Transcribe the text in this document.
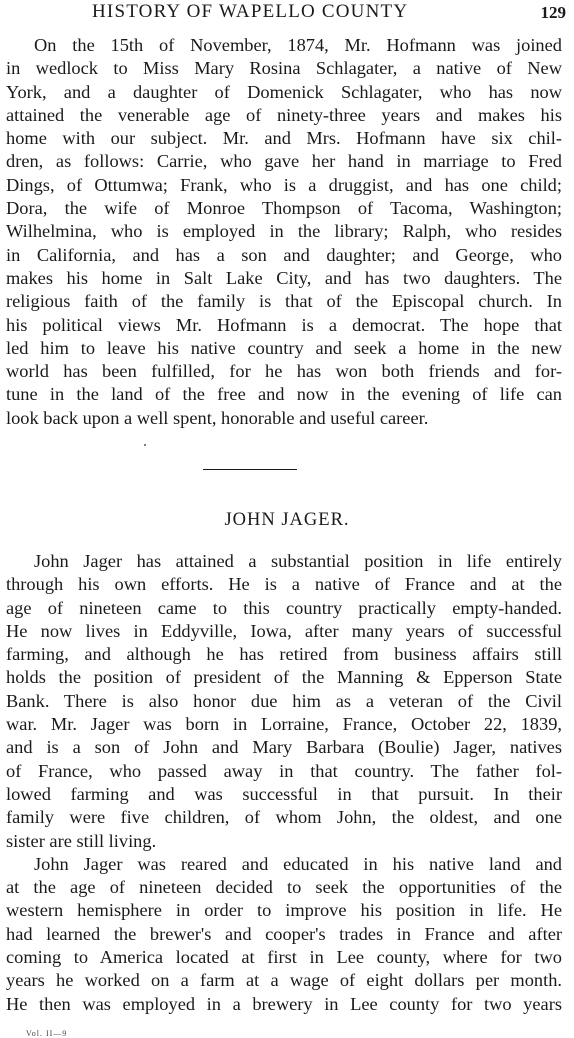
HISTORY OF WAPELLO COUNTY	129
On the 15th of November, 1874, Mr. Hofmann was joined
in wedlock to Miss Mary Rosina Schlagater, a native of New
York, and a daughter of Domenick Schlagater, who has now
attained the venerable age of ninety-three years and makes his
home with our subject. Mr. and Mrs. Hofmann have six chil-
dren, as follows: Carrie, who gave her hand in marriage to Fred
Dings, of Ottumwa; Frank, who is a druggist, and has one child;
Dora, the wife of Monroe Thompson of Tacoma, Washington;
Wilhelmina, who is employed in the library; Ralph, who resides
in California, and has a son and daughter; and George, who
makes his home in Salt Lake City, and has two daughters. The
religious faith of the family is that of the Episcopal church. In
his political views Mr. Hofmann is a democrat. The hope that
led him to leave his native country and seek a home in the new
world has been fulfilled, for he has won both friends and for-
tune in the land of the free and now in the evening of life can
look back upon a well spent, honorable and useful career.
JOHN JAGER.
John Jager has attained a substantial position in life entirely
through his own efforts. He is a native of France and at the
age of nineteen came to this country practically empty-handed.
He now lives in Eddyville, Iowa, after many years of successful
farming, and although he has retired from business affairs still
holds the position of president of the Manning & Epperson State
Bank. There is also honor due him as a veteran of the Civil
war. Mr. Jager was born in Lorraine, France, October 22, 1839,
and is a son of John and Mary Barbara (Boulie) Jager, natives
of France, who passed away in that country. The father fol-
lowed farming and was successful in that pursuit. In their
family were five children, of whom John, the oldest, and one
sister are still living.
John Jager was reared and educated in his native land and
at the age of nineteen decided to seek the opportunities of the
western hemisphere in order to improve his position in life. He
had learned the brewer's and cooper's trades in France and after
coming to America located at first in Lee county, where for two
years he worked on a farm at a wage of eight dollars per month.
He then was employed in a brewery in Lee county for two years
Vol. II—9
